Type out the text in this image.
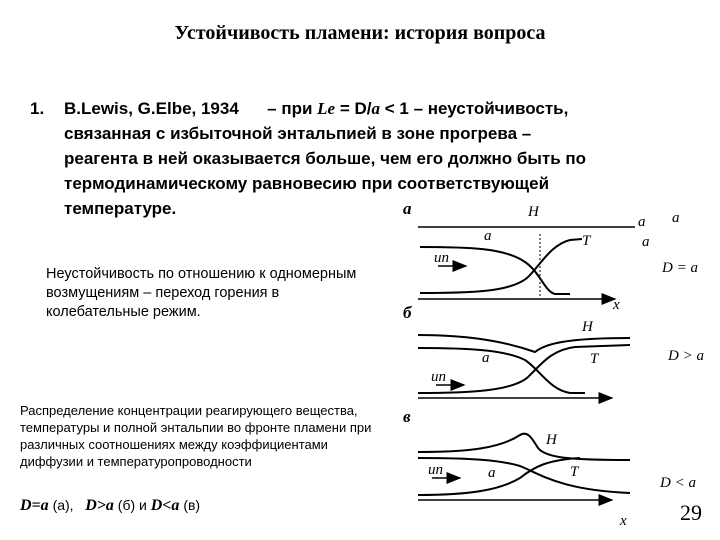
Устойчивость пламени: история вопроса
1. B.Lewis, G.Elbe, 1934 – при Le = D/a < 1 – неустойчивость,
связанная с избыточной энтальпией в зоне прогрева –
реагента в ней оказывается больше, чем его должно быть по
термодинамическому равновесию при соответствующей
температуре.
Неустойчивость по отношению к одномерным возмущениям – переход горения в колебательные режим.
Распределение концентрации реагирующего вещества, температуры и полной энтальпии во фронте пламени при различных соотношениях между коэффициентами диффузии и температуропроводности
D=a (а), D>a (б) и D<a (в)	29
a	H
a	T
uп
a a
a
D = a
б
H
T
a
uп
x
D > a
в
H
T
a
uп
x
D < a
